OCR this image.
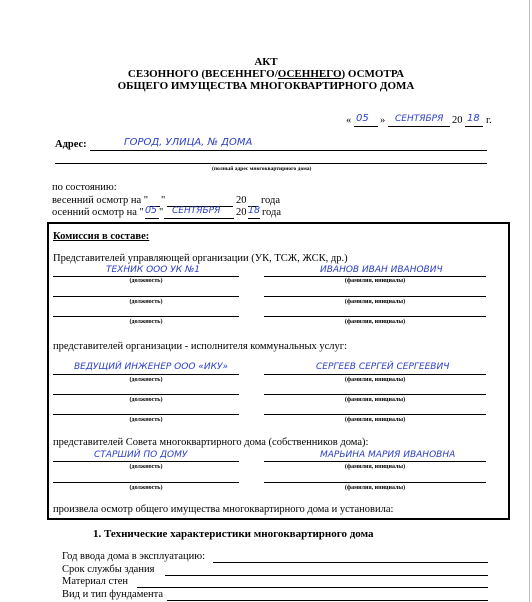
АКТ
СЕЗОННОГО (ВЕСЕННЕГО/ОСЕННЕГО) ОСМОТРА
ОБЩЕГО ИМУЩЕСТВА МНОГОКВАРТИРНОГО ДОМА
« 05 » СЕНТЯБРЯ 20 18 г.
Адрес:	ГОРОД, УЛИЦА, № ДОМА
(полный адрес многоквартирного дома)
по состоянию:
весенний осмотр на " "	20 года
осенний осмотр на " 05 " СЕНТЯБРЯ 20 18 года
Комиссия в составе:
Представителей управляющей организации (УК, ТСЖ, ЖСК, др.)
ТЕХНИК ООО УК №1	ИВАНОВ ИВАН ИВАНОВИЧ
(должность)	(фамилия, инициалы)
(должность)	(фамилия, инициалы)
(должность)	(фамилия, инициалы)
представителей организации - исполнителя коммунальных услуг:
ВЕДУЩИЙ ИНЖЕНЕР ООО «ИКУ»	СЕРГЕЕВ СЕРГЕЙ СЕРГЕЕВИЧ
(должность)	(фамилия, инициалы)
(должность)	(фамилия, инициалы)
(должность)	(фамилия, инициалы)
представителей Совета многоквартирного дома (собственников дома):
СТАРШИЙ ПО ДОМУ	МАРЬИНА МАРИЯ ИВАНОВНА
(должность)	(фамилия, инициалы)
(должность)	(фамилия, инициалы)
произвела осмотр общего имущества многоквартирного дома и установила:
1. Технические характеристики многоквартирного дома
Год ввода дома в эксплуатацию:
Срок службы здания
Материал стен
Вид и тип фундамента
